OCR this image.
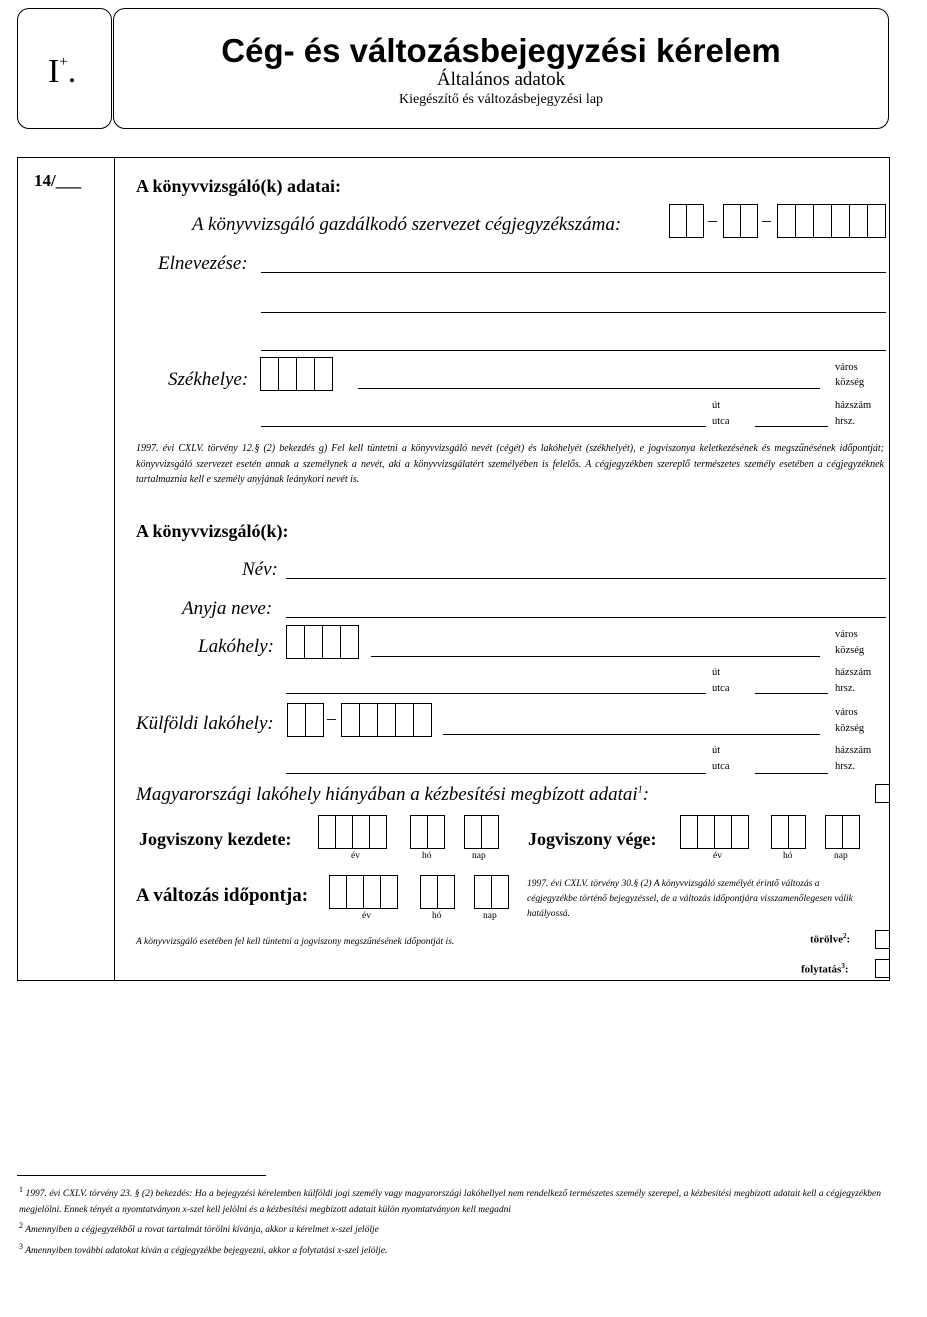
I+.
Cég- és változásbejegyzési kérelem
Általános adatok
Kiegészítő és változásbejegyzési lap
14/___	A könyvvizsgáló(k) adatai:
A könyvvizsgáló gazdálkodó szervezet cégjegyzékszáma:	–	–
Elnevezése:
Székhelye:
város
község
út
utca
házszám
hrsz.
1997. évi CXLV. törvény 12.§ (2) bekezdés g) Fel kell tüntetni a könyvvizsgáló nevét (cégét) és lakóhelyét (székhelyét), e jogviszonya keletkezésének és megszűnésének időpontját; könyvvizsgáló szervezet esetén annak a személynek a nevét, aki a könyvvizsgálatért személyében is felelős. A cégjegyzékben szereplő természetes személy esetében a cégjegyzéknek tartalmaznia kell e személy anyjának leánykori nevét is.
A könyvvizsgáló(k):
Név:
Anyja neve:
Lakóhely:
város
község
út
utca
házszám
hrsz.
Külföldi lakóhely:	–	város
község
út
utca
házszám
hrsz.
Magyarországi lakóhely hiányában a kézbesítési megbízott adatai$^1$:
Jogviszony kezdete:
év	hó	nap
Jogviszony vége:
év	hó	nap
A változás időpontja:
év	hó	nap
1997. évi CXLV. törvény 30.§ (2) A könyvvizsgáló személyét érintő változás a cégjegyzékbe történő bejegyzéssel, de a változás időpontjára visszamenőlegesen válik hatályossá.
A könyvvizsgáló esetében fel kell tüntetni a jogviszony megszűnésének időpontját is.	törölve$^2$:
folytatás$^3$:
$^1$ 1997. évi CXLV. törvény 23. § (2) bekezdés: Ha a bejegyzési kérelemben külföldi jogi személy vagy magyarországi lakóhellyel nem rendelkező természetes személy szerepel, a kézbesítési megbízott adatait kell a cégjegyzékben megjelölni. Ennek tényét a nyomtatványon x-szel kell jelölni és a kézbesítési megbízott adatait külön nyomtatványon kell megadni
$^2$ Amennyiben a cégjegyzékből a rovat tartalmát törölni kívánja, akkor a kérelmet x-szel jelölje
$^3$ Amennyiben további adatokat kíván a cégjegyzékbe bejegyezni, akkor a folytatási x-szel jelölje.
